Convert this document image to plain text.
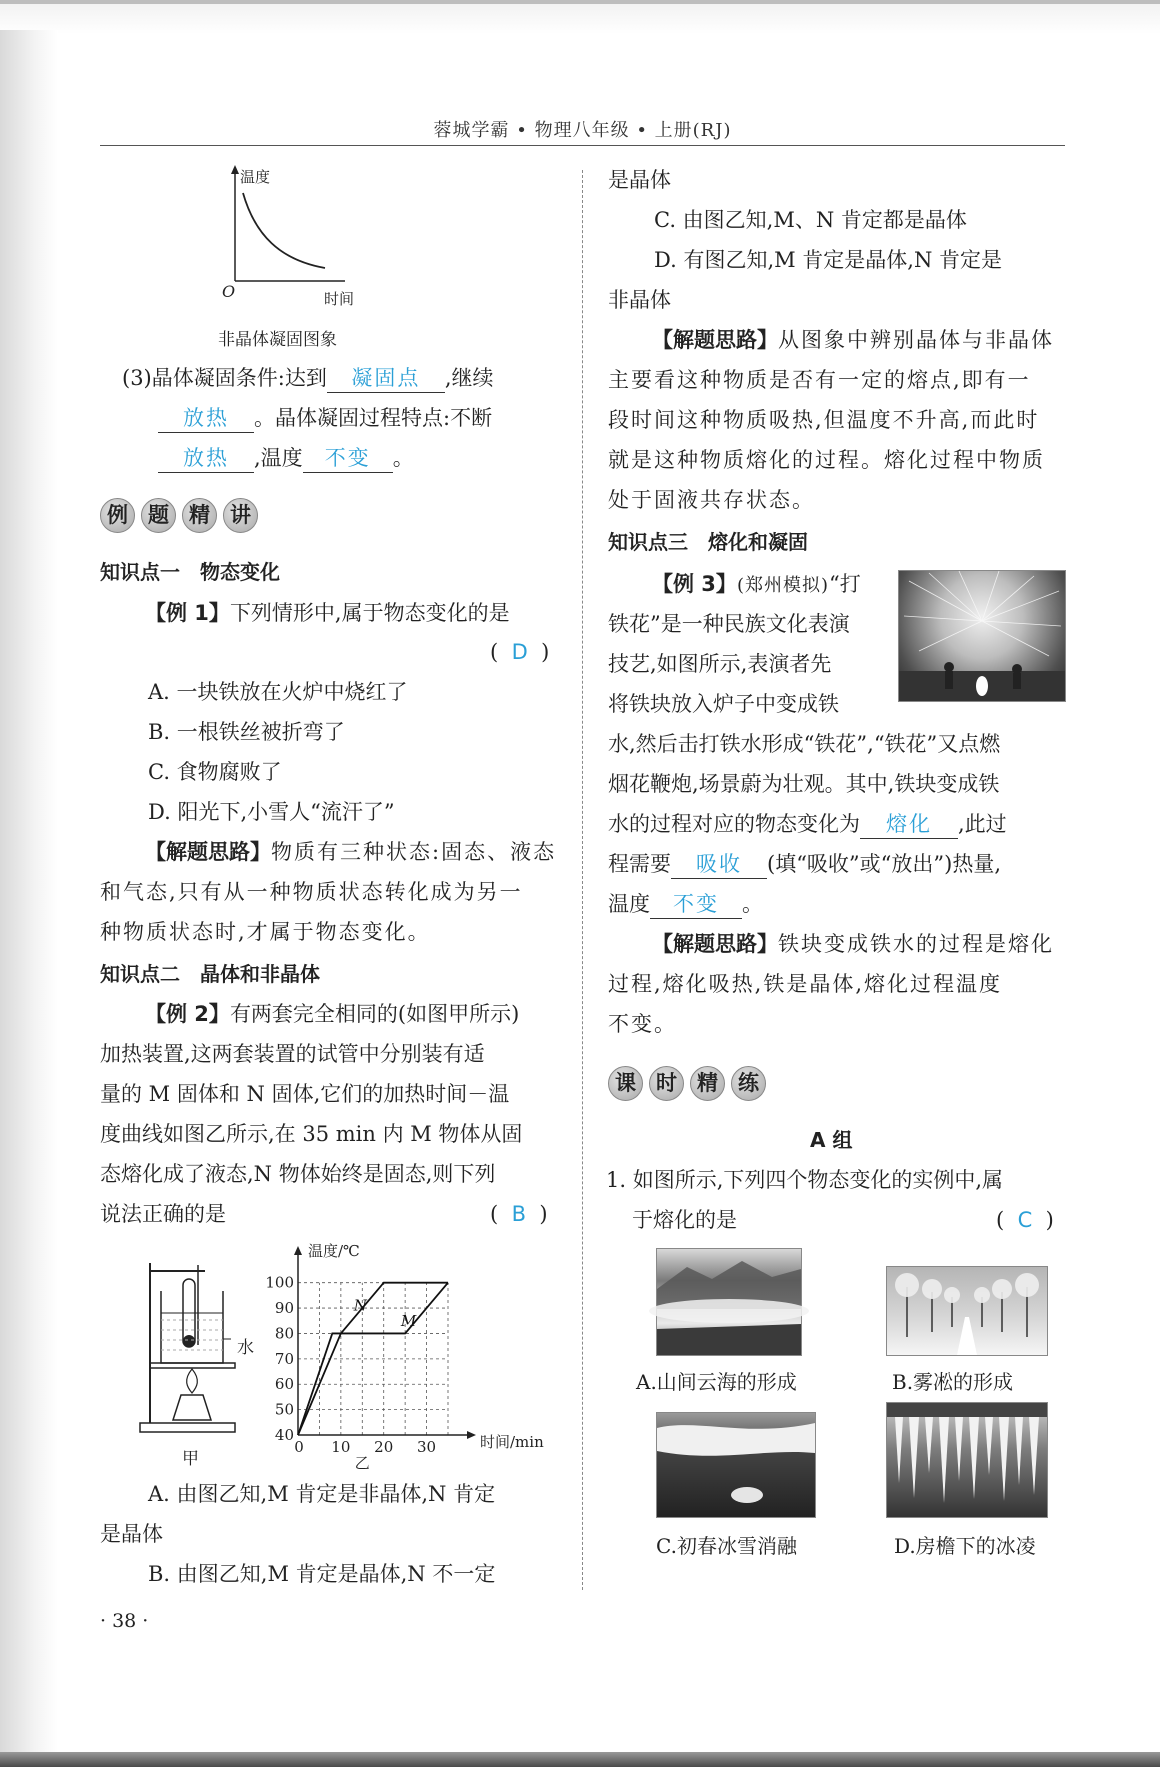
蓉城学霸 • 物理八年级 • 上册(RJ)
温度
O	时间
非晶体凝固图象
(3)晶体凝固条件:达到 凝固点 ,继续
放热 。晶体凝固过程特点:不断
放热 ,温度 不变 。
例 题 精 讲
知识点一　物态变化
【例 1】下列情形中,属于物态变化的是
( D )
A. 一块铁放在火炉中烧红了
B. 一根铁丝被折弯了
C. 食物腐败了
D. 阳光下,小雪人“流汗了”
【解题思路】物质有三种状态:固态、液态
和气态,只有从一种物质状态转化成为另一
种物质状态时,才属于物态变化。
知识点二　晶体和非晶体
【例 2】有两套完全相同的(如图甲所示)
加热装置,这两套装置的试管中分别装有适
量的 M 固体和 N 固体,它们的加热时间－温
度曲线如图乙所示,在 35 min 内 M 物体从固
态熔化成了液态,N 物体始终是固态,则下列
说法正确的是	( B )
水
甲
40
50
60
70
80
90
100
10 20 30
0
温度/℃
时间/min
乙
N
M
A. 由图乙知,M 肯定是非晶体,N 肯定
是晶体
B. 由图乙知,M 肯定是晶体,N 不一定
· 38 ·
是晶体
C. 由图乙知,M、N 肯定都是晶体
D. 有图乙知,M 肯定是晶体,N 肯定是
非晶体
【解题思路】从图象中辨别晶体与非晶体
主要看这种物质是否有一定的熔点,即有一
段时间这种物质吸热,但温度不升高,而此时
就是这种物质熔化的过程。熔化过程中物质
处于固液共存状态。
知识点三　熔化和凝固
【例 3】(郑州模拟)“打
铁花”是一种民族文化表演
技艺,如图所示,表演者先
将铁块放入炉子中变成铁
水,然后击打铁水形成“铁花”,“铁花”又点燃
烟花鞭炮,场景蔚为壮观。其中,铁块变成铁
水的过程对应的物态变化为 熔化 ,此过
程需要 吸收 (填“吸收”或“放出”)热量,
温度 不变 。
【解题思路】铁块变成铁水的过程是熔化
过程,熔化吸热,铁是晶体,熔化过程温度
不变。
课 时 精 练
A 组
1. 如图所示,下列四个物态变化的实例中,属
于熔化的是	( C )
A.山间云海的形成	B.雾凇的形成
C.初春冰雪消融	D.房檐下的冰凌
